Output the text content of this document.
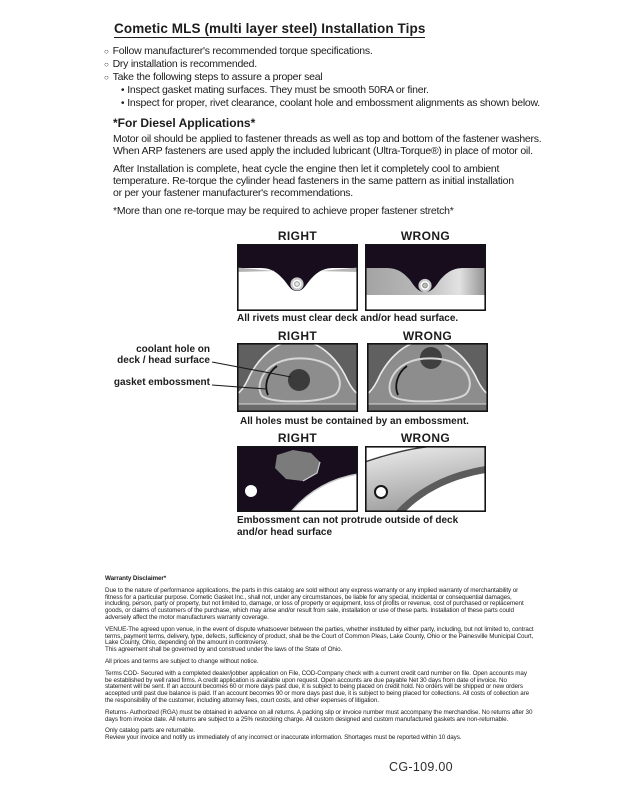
Cometic MLS (multi layer steel) Installation Tips
○ Follow manufacturer's recommended torque specifications.
○ Dry installation is recommended.
○ Take the following steps to assure a proper seal
• Inspect gasket mating surfaces. They must be smooth 50RA or finer.
• Inspect for proper, rivet clearance, coolant hole and embossment alignments as shown below.
*For Diesel Applications*
Motor oil should be applied to fastener threads as well as top and bottom of the fastener washers.
When ARP fasteners are used apply the included lubricant (Ultra-Torque®) in place of motor oil.
After Installation is complete, heat cycle the engine then let it completely cool to ambient
temperature. Re-torque the cylinder head fasteners in the same pattern as initial installation
or per your fastener manufacturer's recommendations.
*More than one re-torque may be required to achieve proper fastener stretch*
RIGHT	WRONG
All rivets must clear deck and/or head surface.
RIGHT	WRONG
coolant hole on
deck / head surface
gasket embossment
All holes must be contained by an embossment.
RIGHT	WRONG
Embossment can not protrude outside of deck and/or head surface

Warranty Disclaimer*

Due to the nature of performance applications, the parts in this catalog are sold without any express warranty or any implied warranty of merchantability or fitness for a particular purpose. Cometic Gasket Inc., shall not, under any circumstances, be liable for any special, incidental or consequential damages, including, person, party or property, but not limited to, damage, or loss of property or equipment, loss of profits or revenue, cost of purchased or replacement goods, or claims of customers of the purchase, which may arise and/or result from sale, installation or use of these parts. Installation of these parts could adversely affect the motor manufacturers warranty coverage.

VENUE-The agreed upon venue, in the event of dispute whatsoever between the parties, whether instituted by either party, including, but not limited to, contract terms, payment terms, delivery, type, defects, sufficiency of product, shall be the Court of Common Pleas, Lake County, Ohio or the Painesville Municipal Court, Lake County, Ohio, depending on the amount in controversy.

This agreement shall be governed by and construed under the laws of the State of Ohio.

All prices and terms are subject to change without notice.

Terms COD- Secured with a completed dealer/jobber application on File, COD-Company check with a current credit card number on file. Open accounts may be established by well rated firms. A credit application is available upon request. Open accounts are due payable Net 30 days from date of invoice. No statement will be sent. If an account becomes 60 or more days past due, it is subject to being placed on credit hold. No orders will be shipped or new orders accepted until past due balance is paid. If an account becomes 90 or more days past due, it is subject to being placed for collections. All costs of collection are the responsibility of the customer, including attorney fees, court costs, and other expenses of litigation.

Returns- Authorized (RGA) must be obtained in advance on all returns. A packing slip or invoice number must accompany the merchandise. No returns after 30 days from invoice date. All returns are subject to a 25% restocking charge. All custom designed and custom manufactured gaskets are non-returnable.

Only catalog parts are returnable.

Review your invoice and notify us immediately of any incorrect or inaccurate information. Shortages must be reported within 10 days.

CG-109.00
